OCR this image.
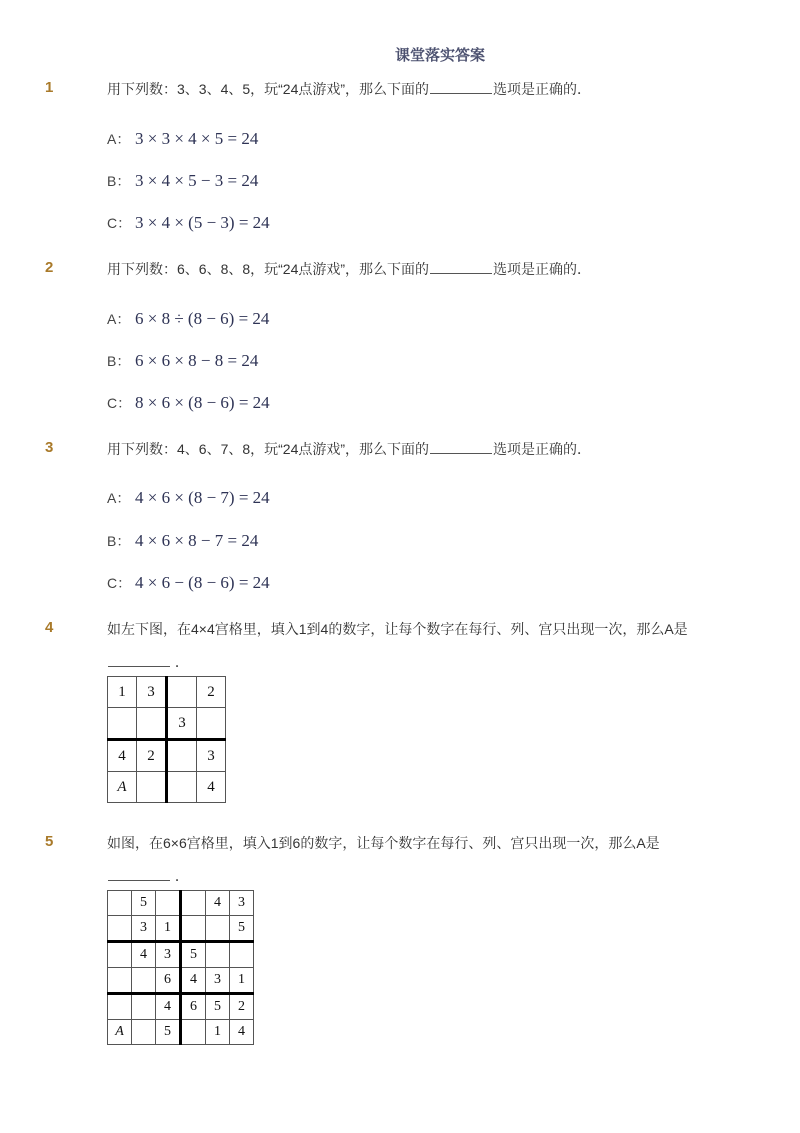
课堂落实答案
1	用下列数：3、3、4、5，玩“24点游戏”，那么下面的	选项是正确的．
A： 3 × 3 × 4 × 5 = 24
B： 3 × 4 × 5 − 3 = 24
C： 3 × 4 × (5 − 3) = 24
2	用下列数：6、6、8、8，玩“24点游戏”，那么下面的	选项是正确的．
A： 6 × 8 ÷ (8 − 6) = 24
B： 6 × 6 × 8 − 8 = 24
C： 8 × 6 × (8 − 6) = 24
3	用下列数：4、6、7、8，玩“24点游戏”，那么下面的	选项是正确的．
A： 4 × 6 × (8 − 7) = 24
B： 4 × 6 × 8 − 7 = 24
C： 4 × 6 − (8 − 6) = 24
4	如左下图，在4×4宫格里，填入1到4的数字，让每个数字在每行、列、宫只出现一次，那么A是
．
1	3		2
		3	
4	2		3
A			4
5	如图，在6×6宫格里，填入1到6的数字，让每个数字在每行、列、宫只出现一次，那么A是
．
	5			4	3
	3	1			5
	4	3	5		
		6	4	3	1
		4	6	5	2
A		5		1	4
